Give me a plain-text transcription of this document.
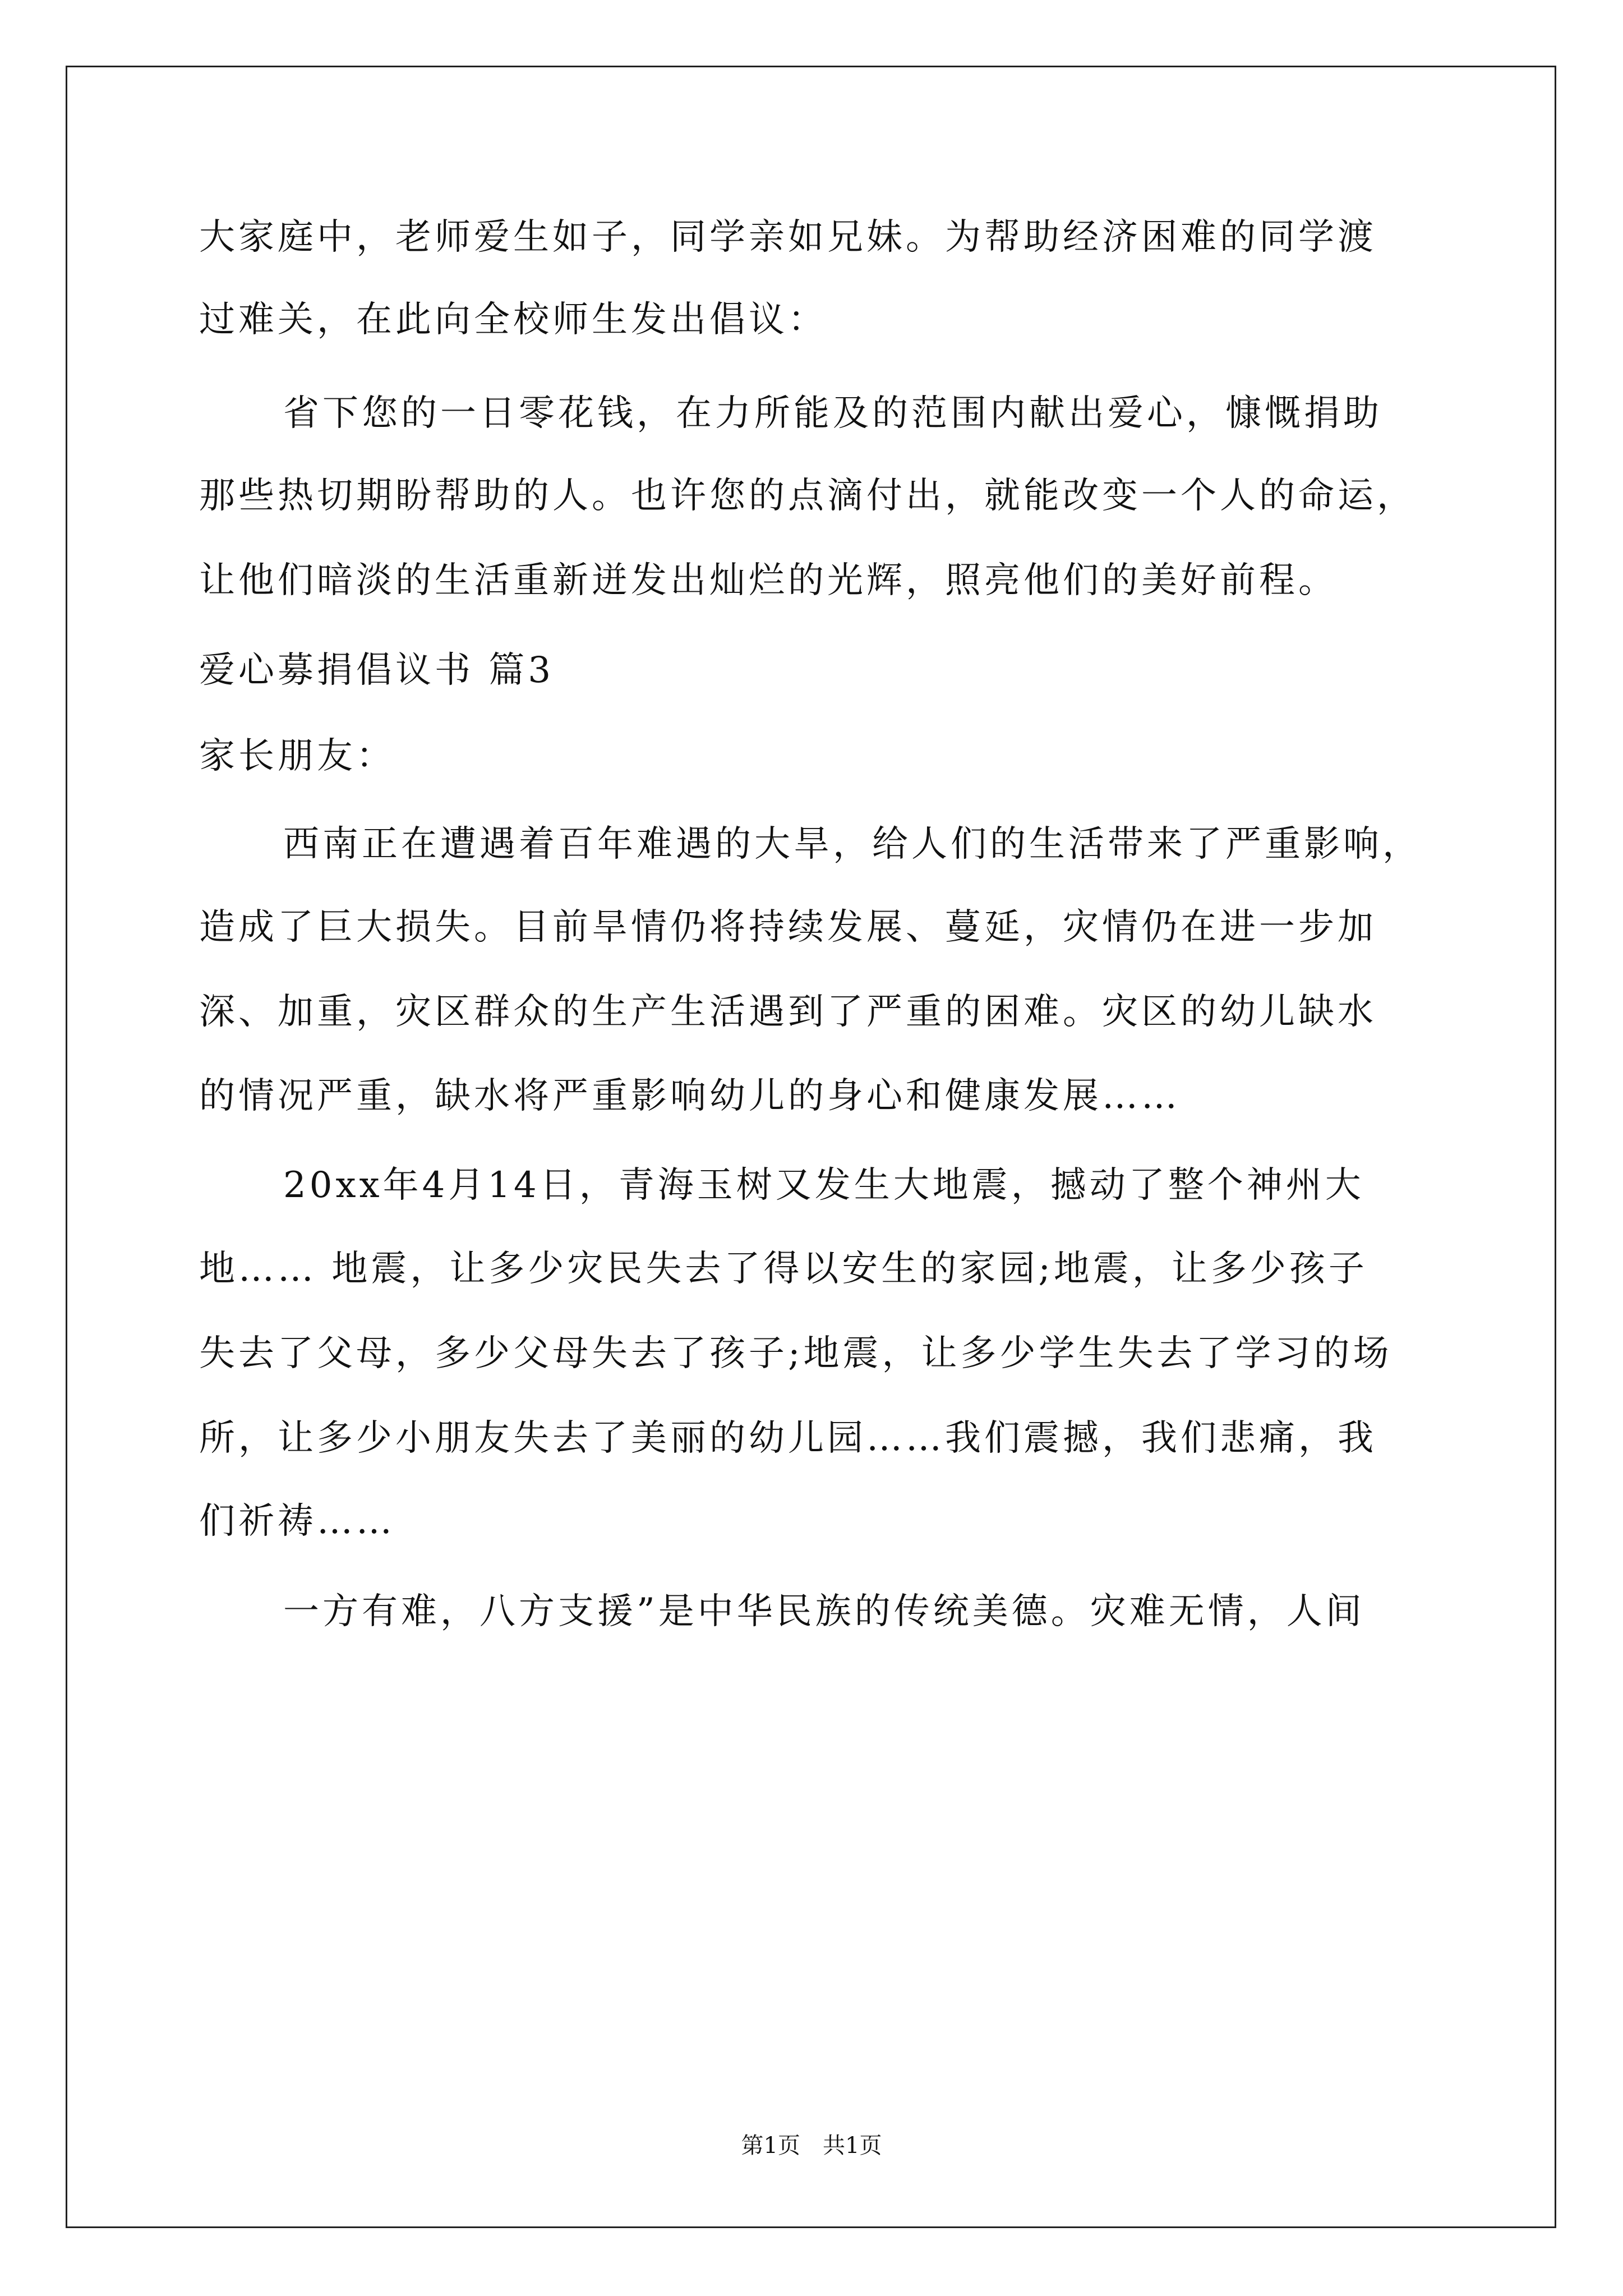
大家庭中，老师爱生如子，同学亲如兄妹。为帮助经济困难的同学渡
过难关，在此向全校师生发出倡议：
省下您的一日零花钱，在力所能及的范围内献出爱心，慷慨捐助
那些热切期盼帮助的人。也许您的点滴付出，就能改变一个人的命运，
让他们暗淡的生活重新迸发出灿烂的光辉，照亮他们的美好前程。
爱心募捐倡议书 篇3
家长朋友：
西南正在遭遇着百年难遇的大旱，给人们的生活带来了严重影响，
造成了巨大损失。目前旱情仍将持续发展、蔓延，灾情仍在进一步加
深、加重，灾区群众的生产生活遇到了严重的困难。灾区的幼儿缺水
的情况严重，缺水将严重影响幼儿的身心和健康发展……
20xx年4月14日，青海玉树又发生大地震，撼动了整个神州大
地…… 地震，让多少灾民失去了得以安生的家园;地震，让多少孩子
失去了父母，多少父母失去了孩子;地震，让多少学生失去了学习的场
所，让多少小朋友失去了美丽的幼儿园……我们震撼，我们悲痛，我
们祈祷……
一方有难，八方支援”是中华民族的传统美德。灾难无情，人间
第1页　共1页
